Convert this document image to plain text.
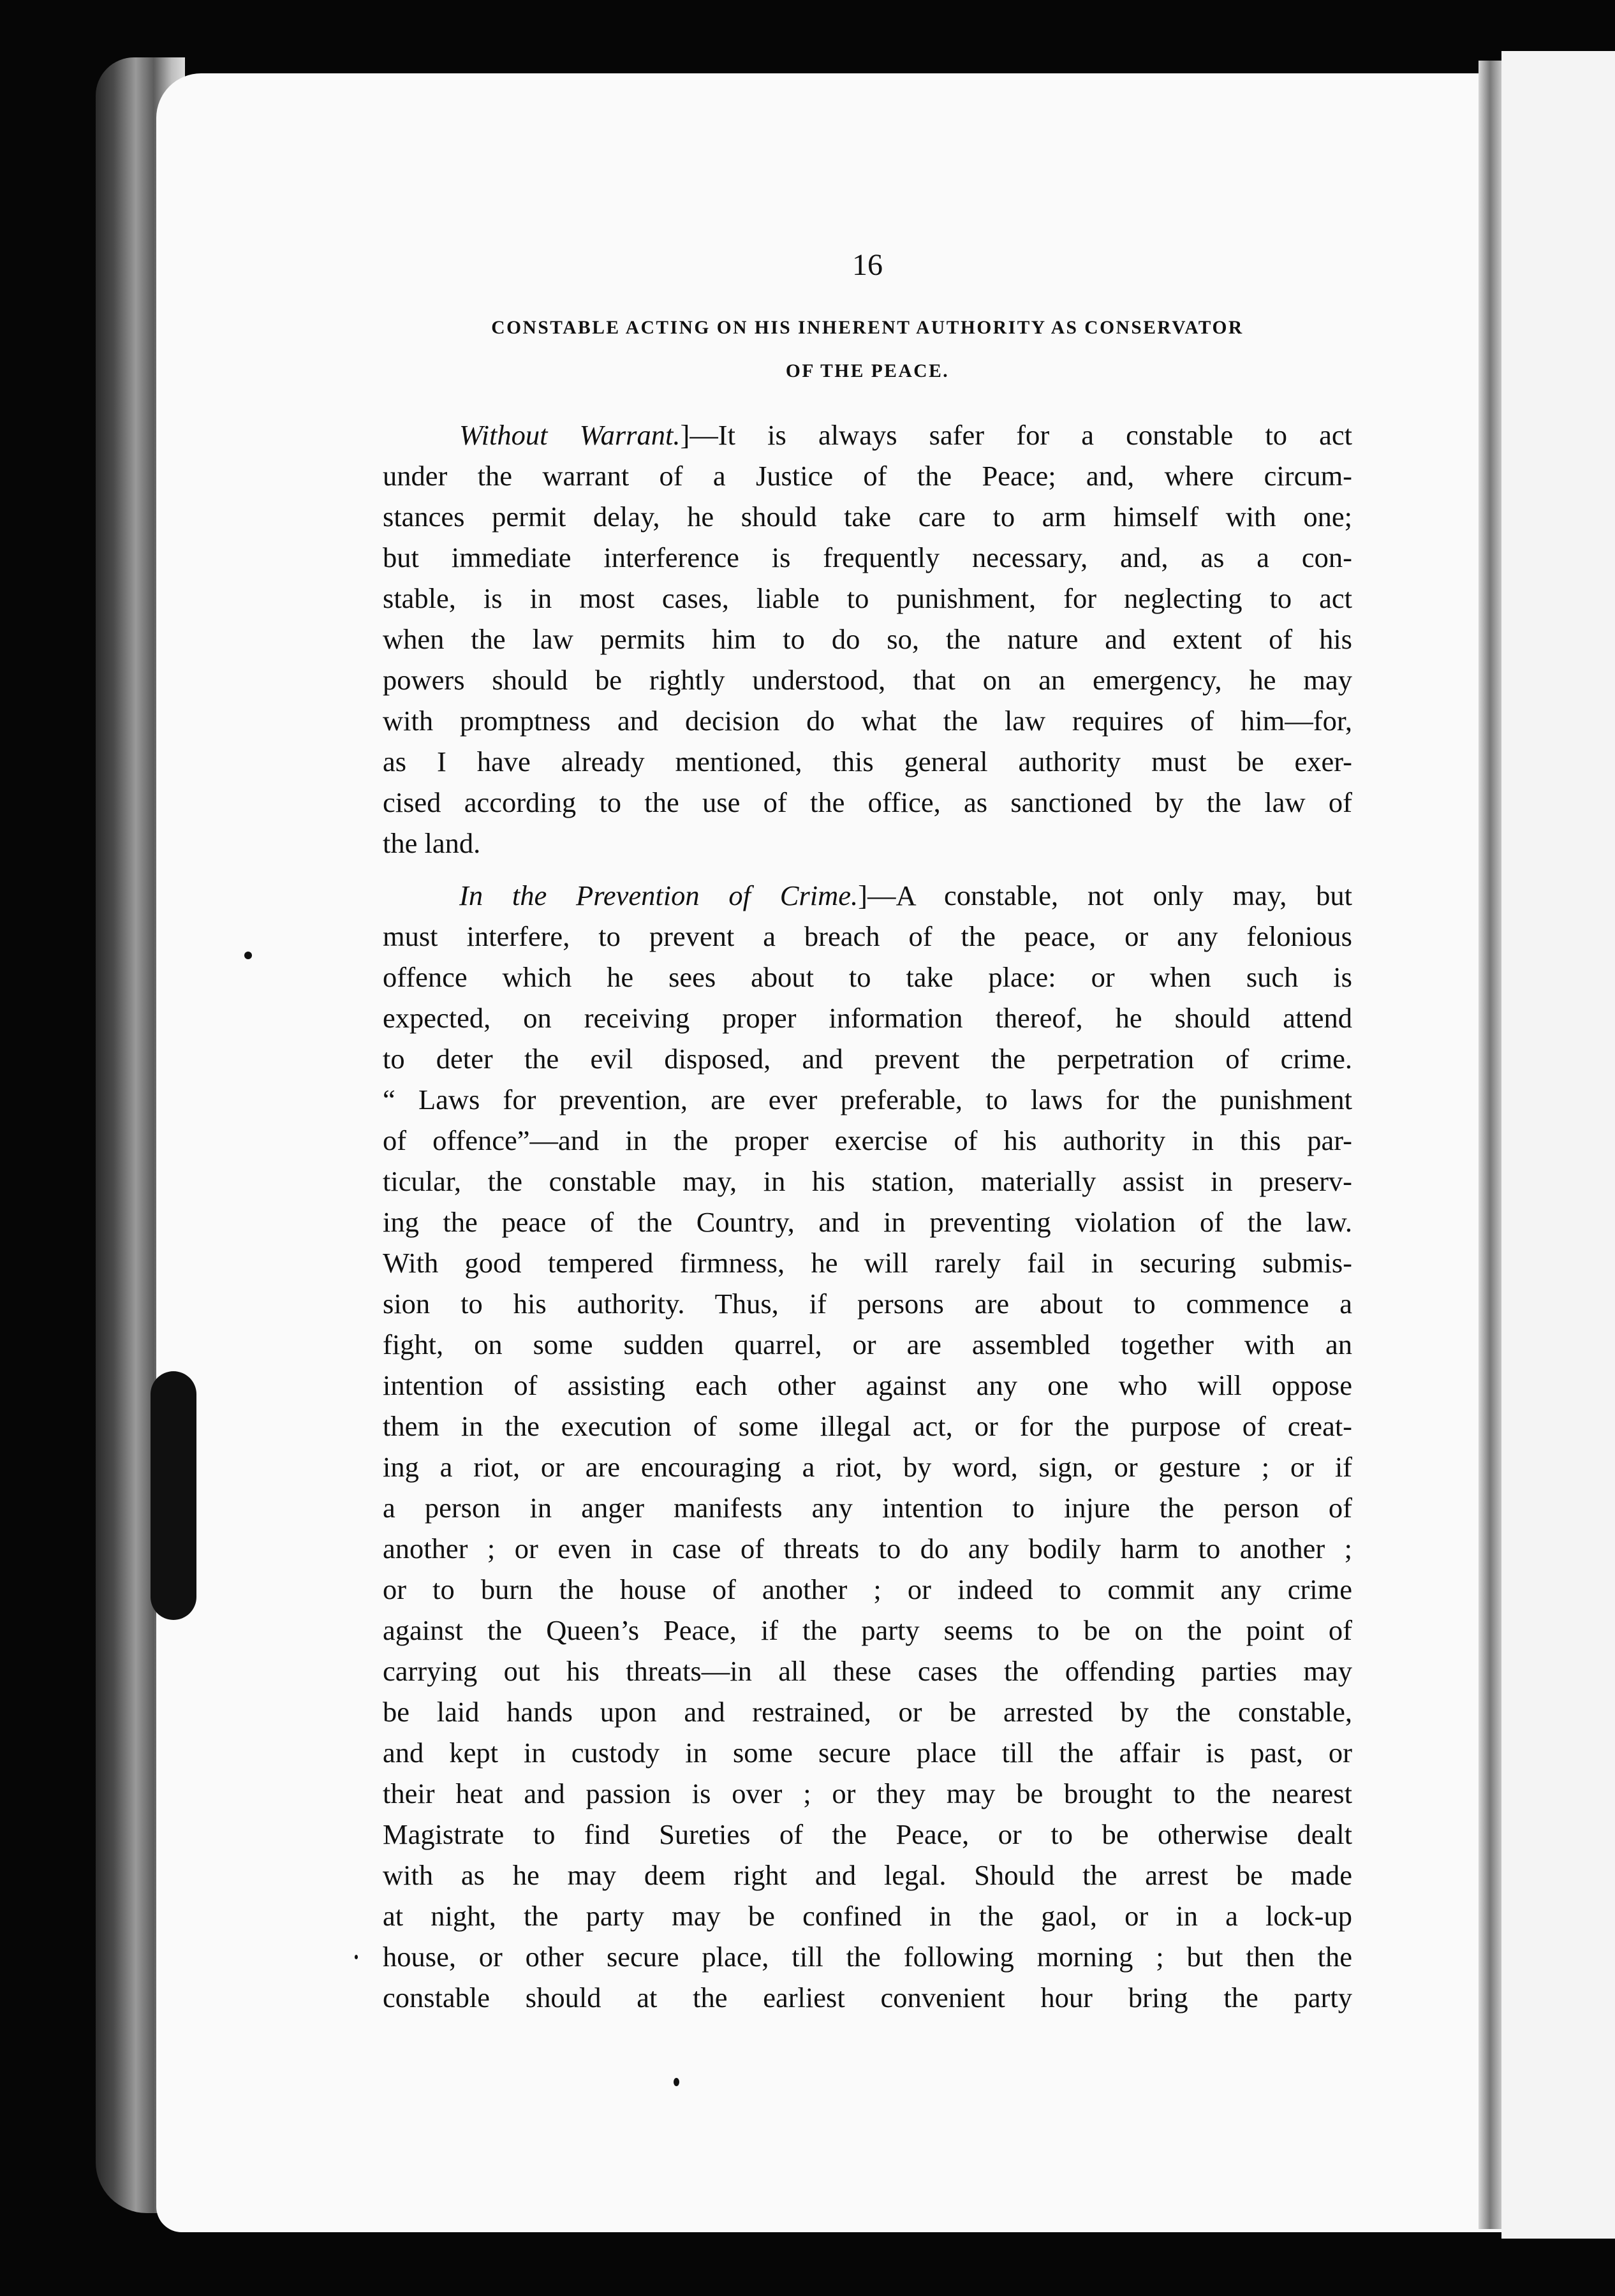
16
CONSTABLE ACTING ON HIS INHERENT AUTHORITY AS CONSERVATOR
OF THE PEACE.
Without Warrant.]—It is always safer for a constable to act
under the warrant of a Justice of the Peace; and, where circum-
stances permit delay, he should take care to arm himself with one;
but immediate interference is frequently necessary, and, as a con-
stable, is in most cases, liable to punishment, for neglecting to act
when the law permits him to do so, the nature and extent of his
powers should be rightly understood, that on an emergency, he may
with promptness and decision do what the law requires of him—for,
as I have already mentioned, this general authority must be exer-
cised according to the use of the office, as sanctioned by the law of
the land.
In the Prevention of Crime.]—A constable, not only may, but
must interfere, to prevent a breach of the peace, or any felonious
offence which he sees about to take place: or when such is
expected, on receiving proper information thereof, he should attend
to deter the evil disposed, and prevent the perpetration of crime.
“ Laws for prevention, are ever preferable, to laws for the punishment
of offence”—and in the proper exercise of his authority in this par-
ticular, the constable may, in his station, materially assist in preserv-
ing the peace of the Country, and in preventing violation of the law.
With good tempered firmness, he will rarely fail in securing submis-
sion to his authority. Thus, if persons are about to commence a
fight, on some sudden quarrel, or are assembled together with an
intention of assisting each other against any one who will oppose
them in the execution of some illegal act, or for the purpose of creat-
ing a riot, or are encouraging a riot, by word, sign, or gesture ; or if
a person in anger manifests any intention to injure the person of
another ; or even in case of threats to do any bodily harm to another ;
or to burn the house of another ; or indeed to commit any crime
against the Queen’s Peace, if the party seems to be on the point of
carrying out his threats—in all these cases the offending parties may
be laid hands upon and restrained, or be arrested by the constable,
and kept in custody in some secure place till the affair is past, or
their heat and passion is over ; or they may be brought to the nearest
Magistrate to find Sureties of the Peace, or to be otherwise dealt
with as he may deem right and legal. Should the arrest be made
at night, the party may be confined in the gaol, or in a lock-up
house, or other secure place, till the following morning ; but then the
constable should at the earliest convenient hour bring the party
